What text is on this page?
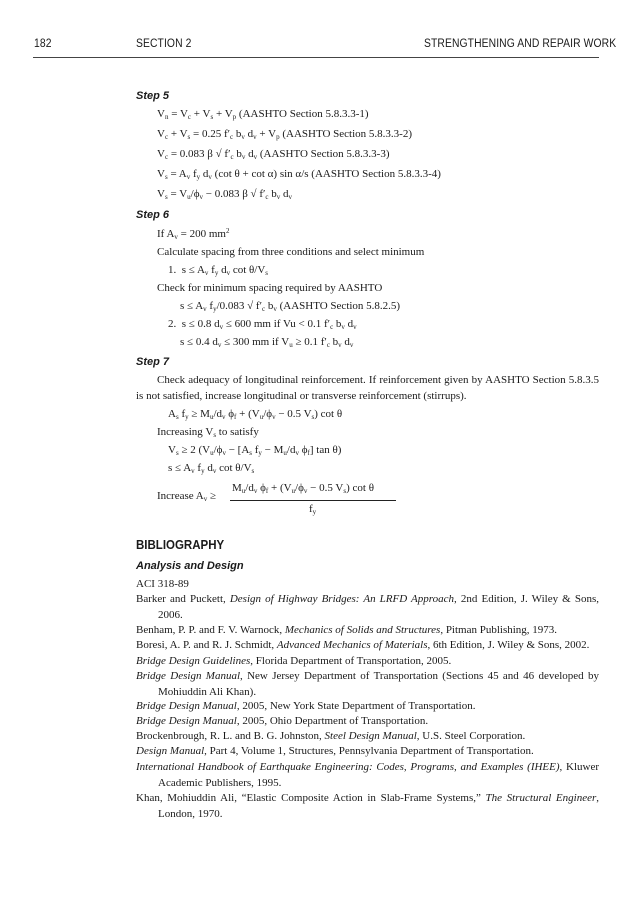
182	SECTION 2	STRENGTHENING AND REPAIR WORK
Step 5
$V_n = V_c + V_s + V_p$ (AASHTO Section 5.8.3.3-1)
$V_c + V_s = 0.25$ $f'_c$ $b_v$ $d_v + V_p$ (AASHTO Section 5.8.3.3-2)
$V_c = 0.083$ β √ $f'_c$ $b_v$ $d_v$ (AASHTO Section 5.8.3.3-3)
$V_s = A_v$ $f_y$ $d_v$ (cot θ + cot α) sin α/s (AASHTO Section 5.8.3.3-4)
$V_s = V_u/\phi_v - 0.083$ β √ $f'_c$ $b_v$ $d_v$
Step 6
If $A_v = 200$ $mm^2$
Calculate spacing from three conditions and select minimum
1.  $s \le A_v$ $f_y$ $d_v$ $\cot \theta/V_s$
Check for minimum spacing required by AASHTO
$s \le A_v$ $f_y/0.083$ √ $f'_c$ $b_v$ (AASHTO Section 5.8.2.5)
2.  s ≤ 0.8 $d_v \le 600$ mm if Vu < 0.1 $f'_c$ $b_v$ $d_v$
s ≤ 0.4 $d_v \le 300$ mm if $V_u \ge 0.1$ $f'_c$ $b_v$ $d_v$
Step 7
Check adequacy of longitudinal reinforcement. If reinforcement given by AASHTO Section 5.8.3.5 is not satisfied, increase longitudinal or transverse reinforcement (stirrups).
$A_s$ $f_y \ge M_u/d_v$ $\phi_f + (V_u/\phi_v - 0.5$ $V_s$) cot θ
Increasing $V_s$ to satisfy
$V_s \ge 2$ ($V_u/\phi_v - [A_s$ $f_y - M_u/d_v$ $\phi_f$] tan θ)
$s \le A_v$ $f_y$ $d_v$ $\cot \theta/V_s$
$M_u/d_v$ $\phi_f + (V_u/\phi_v - 0.5$ $V_s$) cot θ
Increase $A_v$ ≥
$f_y$
BIBLIOGRAPHY
Analysis and Design
ACI 318-89
Barker and Puckett, Design of Highway Bridges: An LRFD Approach, 2nd Edition, J. Wiley & Sons, 2006.
Benham, P. P. and F. V. Warnock, Mechanics of Solids and Structures, Pitman Publishing, 1973.
Boresi, A. P. and R. J. Schmidt, Advanced Mechanics of Materials, 6th Edition, J. Wiley & Sons, 2002.
Bridge Design Guidelines, Florida Department of Transportation, 2005.
Bridge Design Manual, New Jersey Department of Transportation (Sections 45 and 46 developed by Mohiuddin Ali Khan).
Bridge Design Manual, 2005, New York State Department of Transportation.
Bridge Design Manual, 2005, Ohio Department of Transportation.
Brockenbrough, R. L. and B. G. Johnston, Steel Design Manual, U.S. Steel Corporation.
Design Manual, Part 4, Volume 1, Structures, Pennsylvania Department of Transportation.
International Handbook of Earthquake Engineering: Codes, Programs, and Examples (IHEE), Kluwer Academic Publishers, 1995.
Khan, Mohiuddin Ali, “Elastic Composite Action in Slab-Frame Systems,” The Structural Engineer, London, 1970.
